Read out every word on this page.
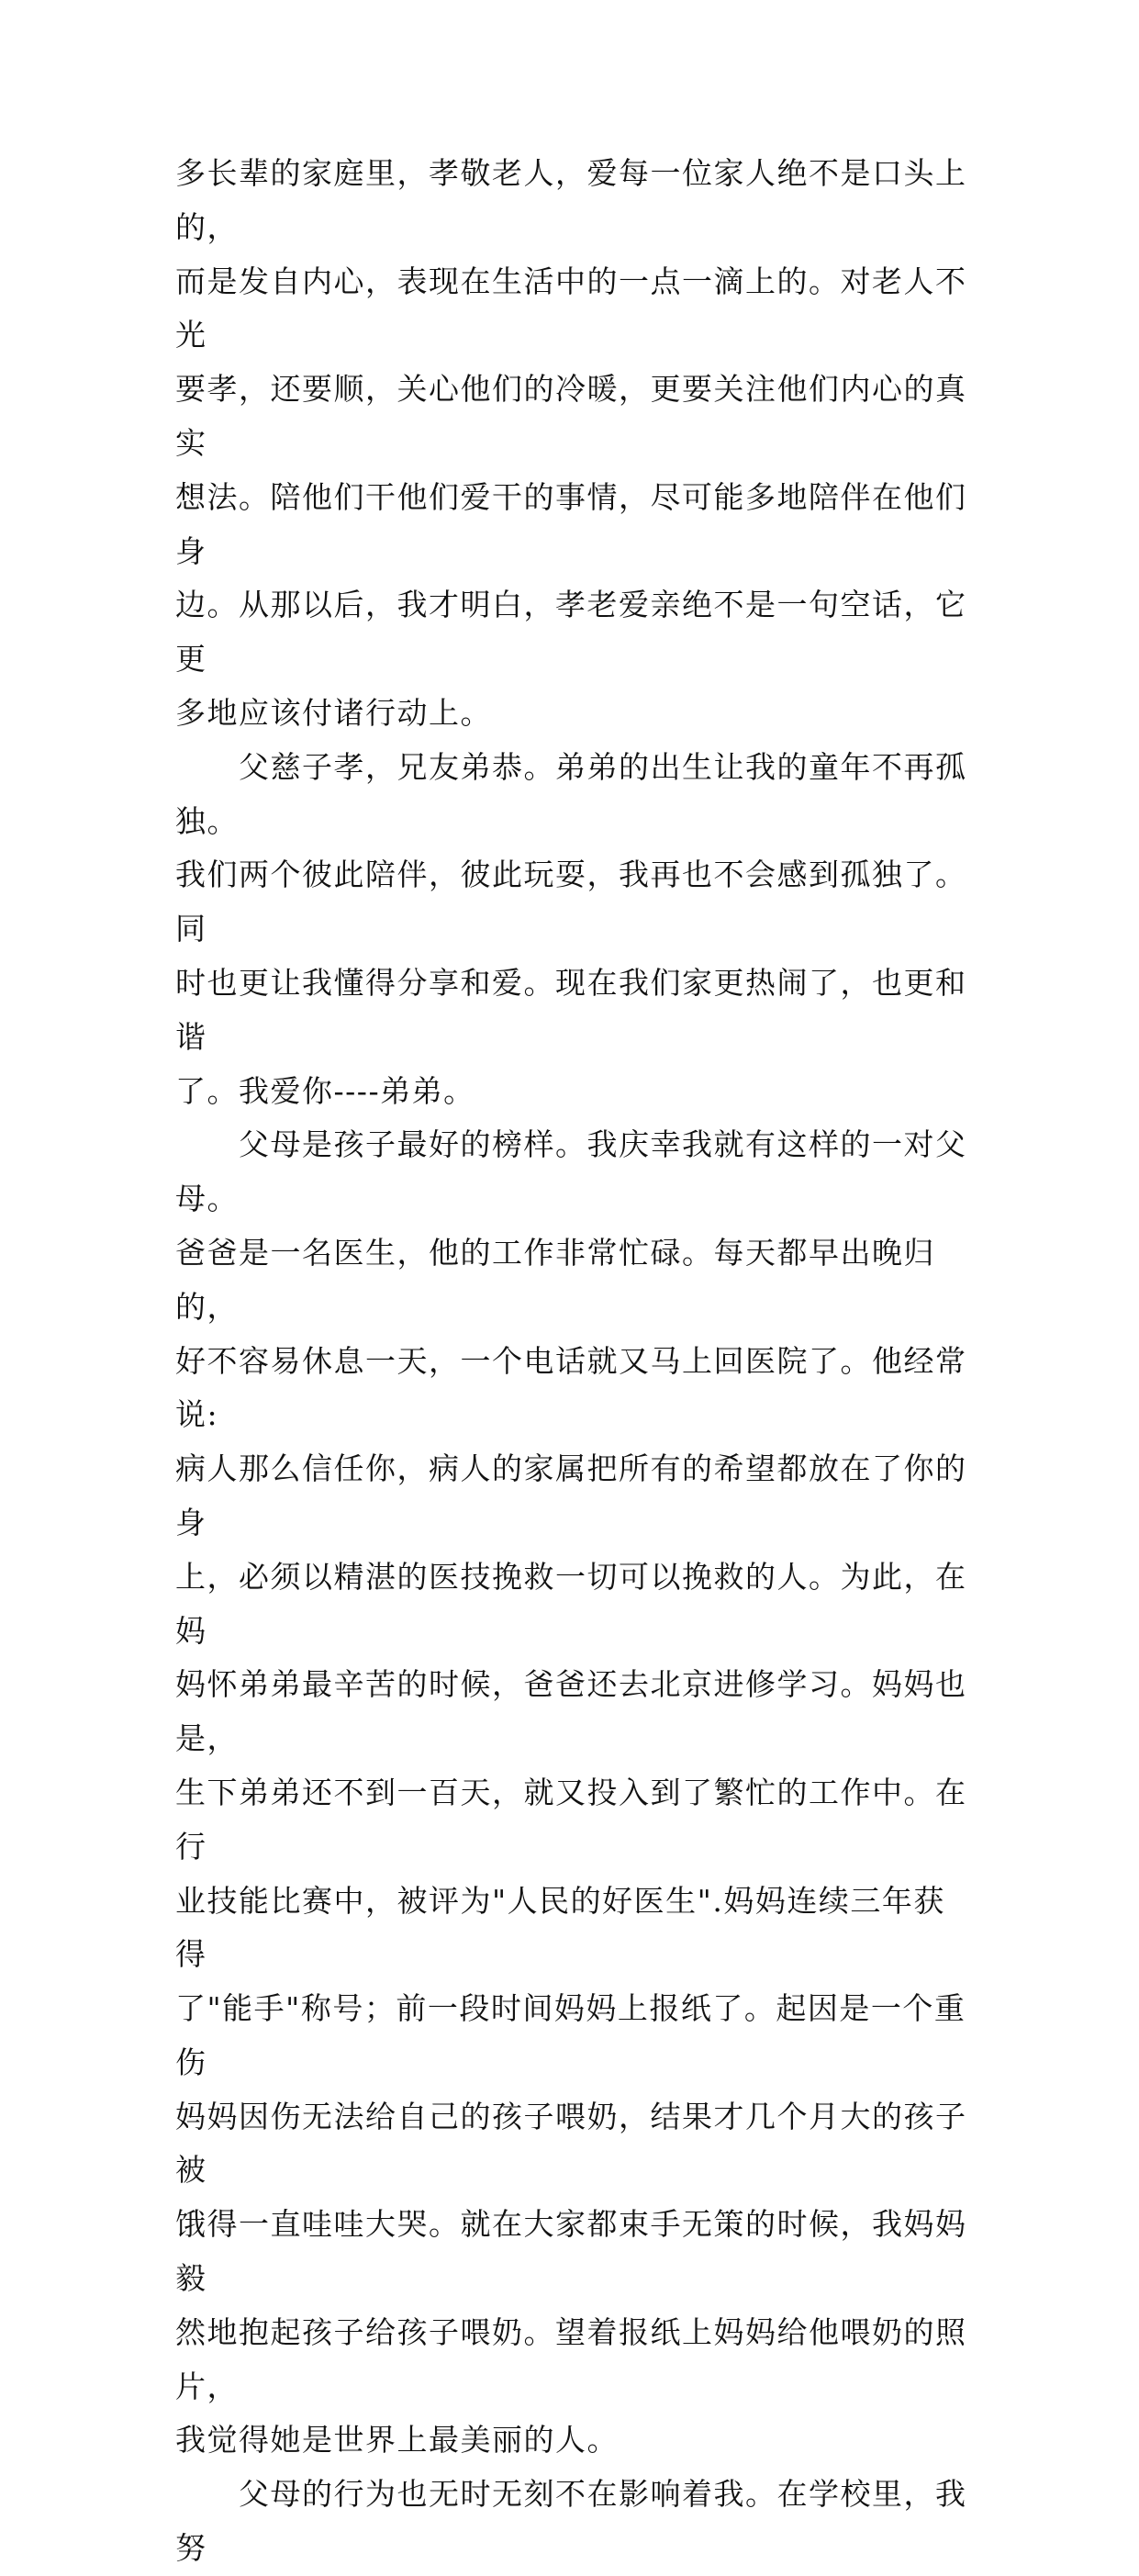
多长辈的家庭里，孝敬老人，爱每一位家人绝不是口头上的，
而是发自内心，表现在生活中的一点一滴上的。对老人不光
要孝，还要顺，关心他们的冷暖，更要关注他们内心的真实
想法。陪他们干他们爱干的事情，尽可能多地陪伴在他们身
边。从那以后，我才明白，孝老爱亲绝不是一句空话，它更
多地应该付诸行动上。

　　父慈子孝，兄友弟恭。弟弟的出生让我的童年不再孤独。
我们两个彼此陪伴，彼此玩耍，我再也不会感到孤独了。同
时也更让我懂得分享和爱。现在我们家更热闹了，也更和谐
了。我爱你----弟弟。

　　父母是孩子最好的榜样。我庆幸我就有这样的一对父母。
爸爸是一名医生，他的工作非常忙碌。每天都早出晚归的，
好不容易休息一天，一个电话就又马上回医院了。他经常说:
病人那么信任你，病人的家属把所有的希望都放在了你的身
上，必须以精湛的医技挽救一切可以挽救的人。为此，在妈
妈怀弟弟最辛苦的时候，爸爸还去北京进修学习。妈妈也是，
生下弟弟还不到一百天，就又投入到了繁忙的工作中。在行
业技能比赛中，被评为"人民的好医生".妈妈连续三年获得
了"能手"称号；前一段时间妈妈上报纸了。起因是一个重伤
妈妈因伤无法给自己的孩子喂奶，结果才几个月大的孩子被
饿得一直哇哇大哭。就在大家都束手无策的时候，我妈妈毅
然地抱起孩子给孩子喂奶。望着报纸上妈妈给他喂奶的照片，
我觉得她是世界上最美丽的人。

　　父母的行为也无时无刻不在影响着我。在学校里，我努
